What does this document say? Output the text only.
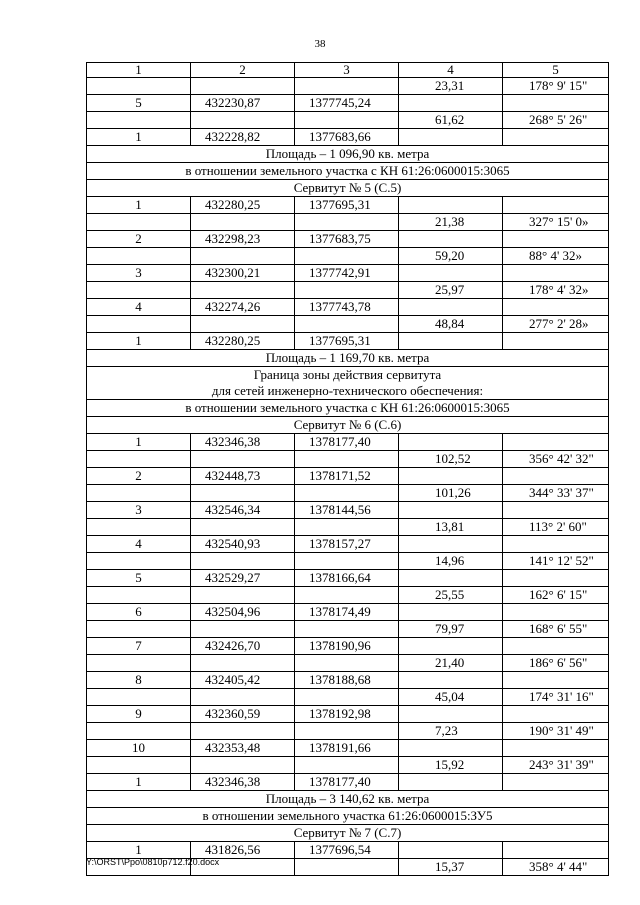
38
1	2	3	4	5
			23,31	178° 9' 15"
5	432230,87	1377745,24		
			61,62	268° 5' 26"
1	432228,82	1377683,66		
Площадь – 1 096,90 кв. метра				
в отношении земельного участка с КН 61:26:0600015:3065				
Сервитут № 5 (С.5)				
1	432280,25	1377695,31		
			21,38	327° 15' 0»
2	432298,23	1377683,75		
			59,20	88° 4' 32»
3	432300,21	1377742,91		
			25,97	178° 4' 32»
4	432274,26	1377743,78		
			48,84	277° 2' 28»
1	432280,25	1377695,31		
Площадь – 1 169,70 кв. метра				
Граница зоны действия сервитута
для сетей инженерно-технического обеспечения:				
в отношении земельного участка с КН 61:26:0600015:3065				
Сервитут № 6 (С.6)				
1	432346,38	1378177,40		
			102,52	356° 42' 32"
2	432448,73	1378171,52		
			101,26	344° 33' 37"
3	432546,34	1378144,56		
			13,81	113° 2' 60"
4	432540,93	1378157,27		
			14,96	141° 12' 52"
5	432529,27	1378166,64		
			25,55	162° 6' 15"
6	432504,96	1378174,49		
			79,97	168° 6' 55"
7	432426,70	1378190,96		
			21,40	186° 6' 56"
8	432405,42	1378188,68		
			45,04	174° 31' 16"
9	432360,59	1378192,98		
			7,23	190° 31' 49"
10	432353,48	1378191,66		
			15,92	243° 31' 39"
1	432346,38	1378177,40		
Площадь – 3 140,62 кв. метра				
в отношении земельного участка 61:26:0600015:ЗУ5				
Сервитут № 7 (С.7)				
1	431826,56	1377696,54		
			15,37	358° 4' 44"
Y:\ORST\Ppo\0810p712.f20.docx
